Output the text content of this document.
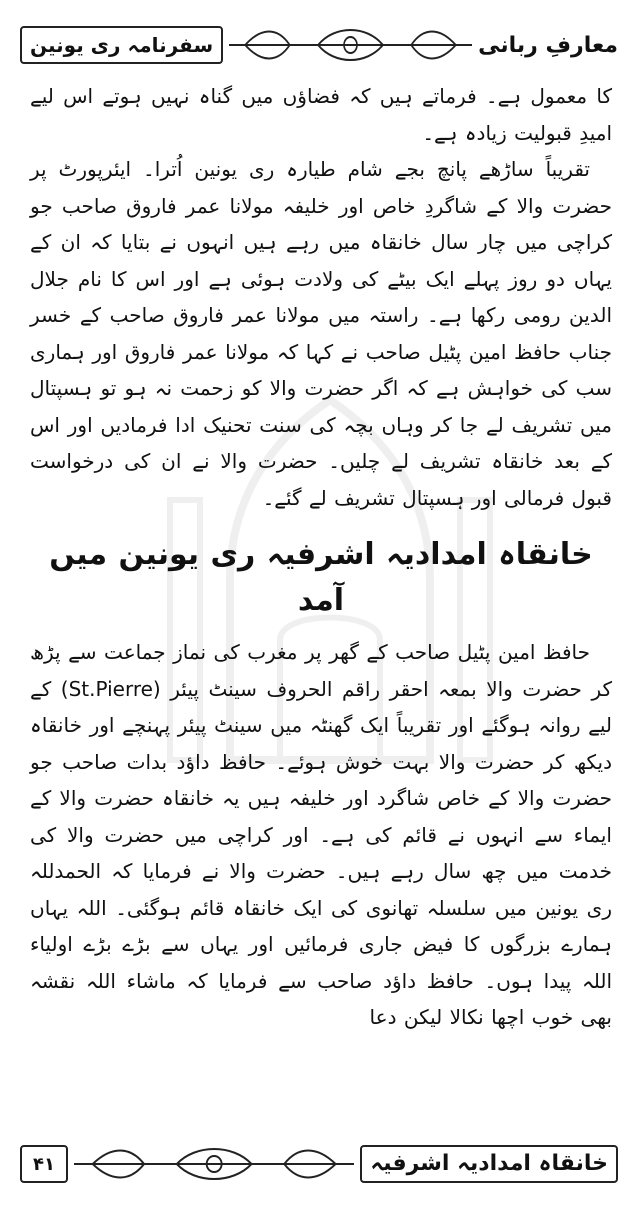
سفرنامہ ری یونین	معارفِ ربانی

کا معمول ہے۔ فرماتے ہیں کہ فضاؤں میں گناہ نہیں ہوتے اس لیے امیدِ قبولیت زیادہ ہے۔

تقریباً ساڑھے پانچ بجے شام طیارہ ری یونین اُترا۔ ایئرپورٹ پر حضرت والا کے شاگردِ خاص اور خلیفہ مولانا عمر فاروق صاحب جو کراچی میں چار سال خانقاہ میں رہے ہیں انہوں نے بتایا کہ ان کے یہاں دو روز پہلے ایک بیٹے کی ولادت ہوئی ہے اور اس کا نام جلال الدین رومی رکھا ہے۔ راستہ میں مولانا عمر فاروق صاحب کے خسر جناب حافظ امین پٹیل صاحب نے کہا کہ مولانا عمر فاروق اور ہماری سب کی خواہش ہے کہ اگر حضرت والا کو زحمت نہ ہو تو ہسپتال میں تشریف لے جا کر وہاں بچہ کی سنت تحنیک ادا فرمادیں اور اس کے بعد خانقاہ تشریف لے چلیں۔ حضرت والا نے ان کی درخواست قبول فرمالی اور ہسپتال تشریف لے گئے۔

خانقاہ امدادیہ اشرفیہ ری یونین میں آمد

حافظ امین پٹیل صاحب کے گھر پر مغرب کی نماز جماعت سے پڑھ کر حضرت والا بمعہ احقر راقم الحروف سینٹ پیئر (St.Pierre) کے لیے روانہ ہوگئے اور تقریباً ایک گھنٹہ میں سینٹ پیئر پہنچے اور خانقاہ دیکھ کر حضرت والا بہت خوش ہوئے۔ حافظ داؤد بدات صاحب جو حضرت والا کے خاص شاگرد اور خلیفہ ہیں یہ خانقاہ حضرت والا کے ایماء سے انہوں نے قائم کی ہے۔ اور کراچی میں حضرت والا کی خدمت میں چھ سال رہے ہیں۔ حضرت والا نے فرمایا کہ الحمدللہ ری یونین میں سلسلہ تھانوی کی ایک خانقاہ قائم ہوگئی۔ اللہ یہاں ہمارے بزرگوں کا فیض جاری فرمائیں اور یہاں سے بڑے بڑے اولیاء اللہ پیدا ہوں۔ حافظ داؤد صاحب سے فرمایا کہ ماشاء اللہ نقشہ بھی خوب اچھا نکالا لیکن دعا

۴۱	خانقاہ امدادیہ اشرفیہ
